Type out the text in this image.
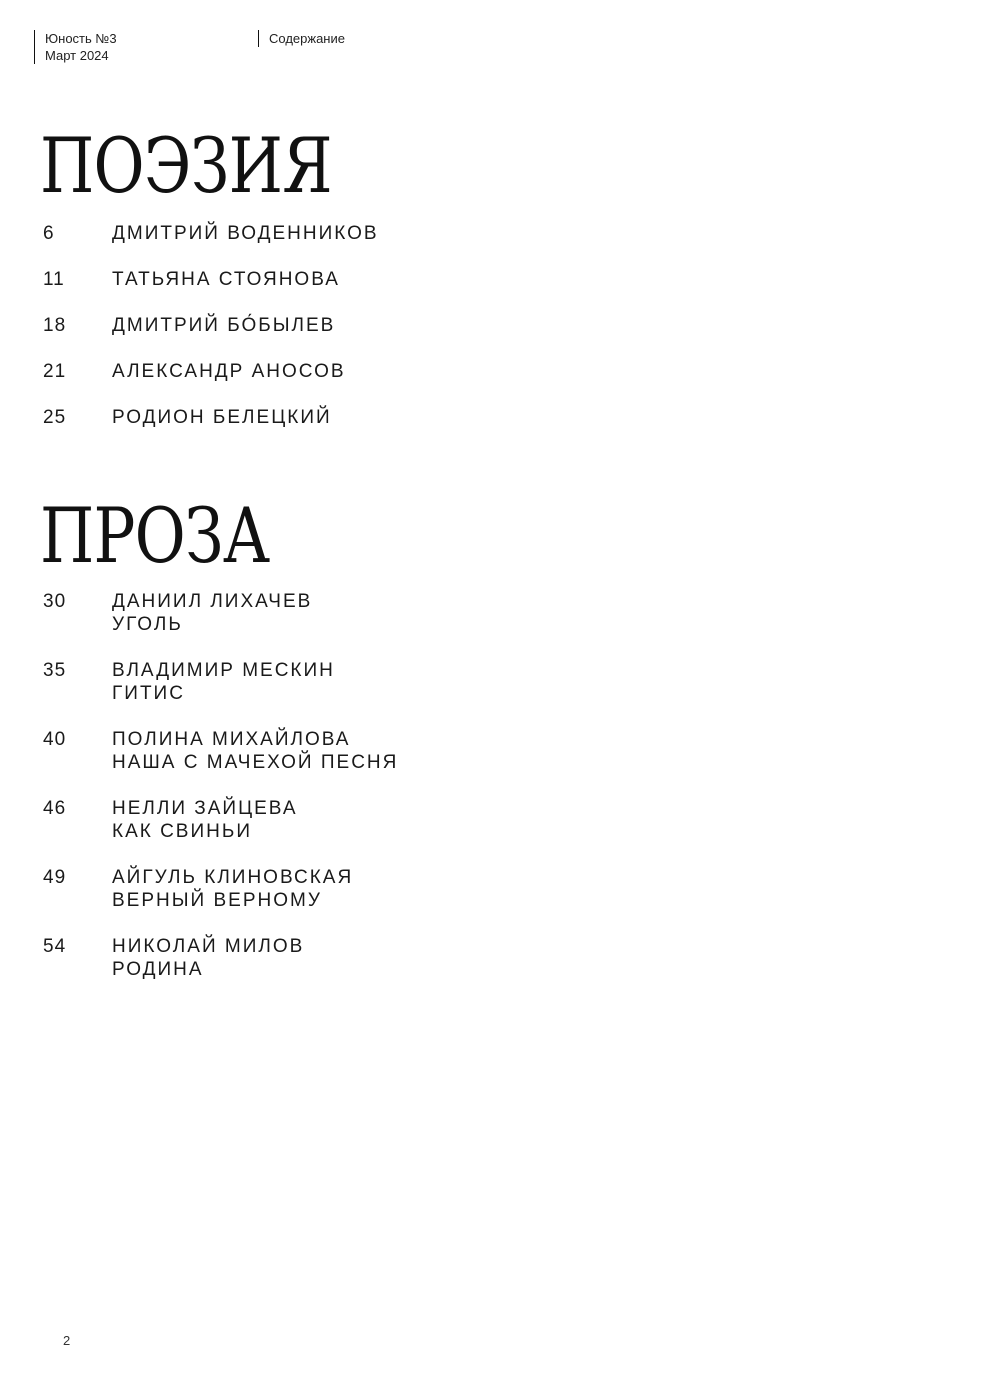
Юность №3
Март 2024
Содержание
ПОЭЗИЯ
6	ДМИТРИЙ ВОДЕННИКОВ
11	ТАТЬЯНА СТОЯНОВА
18	ДМИТРИЙ БО́БЫЛЕВ
21	АЛЕКСАНДР АНОСОВ
25	РОДИОН БЕЛЕЦКИЙ
ПРОЗА
30	ДАНИИЛ ЛИХАЧЕВ
УГОЛЬ
35	ВЛАДИМИР МЕСКИН
ГИТИС
40	ПОЛИНА МИХАЙЛОВА
НАША С МАЧЕХОЙ ПЕСНЯ
46	НЕЛЛИ ЗАЙЦЕВА
КАК СВИНЬИ
49	АЙГУЛЬ КЛИНОВСКАЯ
ВЕРНЫЙ ВЕРНОМУ
54	НИКОЛАЙ МИЛОВ
РОДИНА
2
